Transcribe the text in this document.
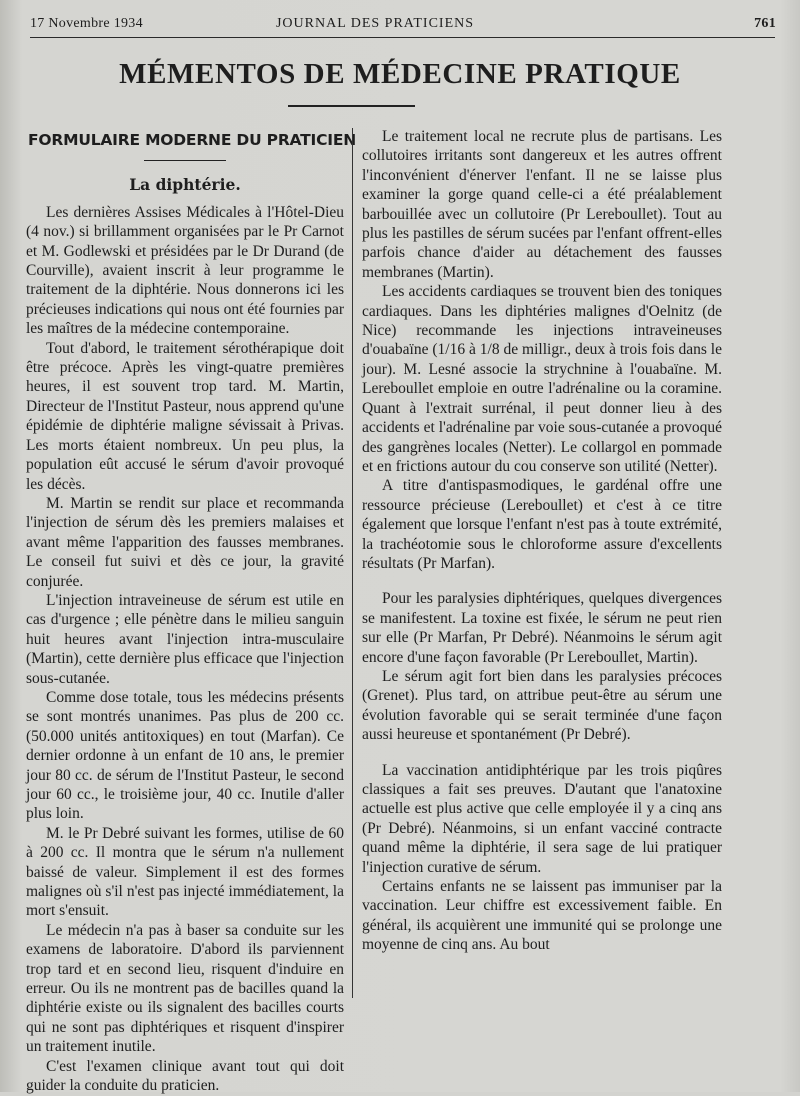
17 Novembre 1934	JOURNAL DES PRATICIENS	761
MÉMENTOS DE MÉDECINE PRATIQUE
FORMULAIRE MODERNE DU PRATICIEN
La diphtérie.

Les dernières Assises Médicales à l'Hôtel-Dieu (4 nov.) si brillamment organisées par le Pr Carnot et M. Godlewski et présidées par le Dr Durand (de Courville), avaient inscrit à leur programme le traitement de la diphtérie. Nous donnerons ici les précieuses indications qui nous ont été fournies par les maîtres de la médecine contemporaine.

Tout d'abord, le traitement sérothérapique doit être précoce. Après les vingt-quatre premières heures, il est souvent trop tard. M. Martin, Directeur de l'Institut Pasteur, nous apprend qu'une épidémie de diphtérie maligne sévissait à Privas. Les morts étaient nombreux. Un peu plus, la population eût accusé le sérum d'avoir provoqué les décès.

M. Martin se rendit sur place et recommanda l'injection de sérum dès les premiers malaises et avant même l'apparition des fausses membranes. Le conseil fut suivi et dès ce jour, la gravité conjurée.

L'injection intraveineuse de sérum est utile en cas d'urgence ; elle pénètre dans le milieu sanguin huit heures avant l'injection intra-musculaire (Martin), cette dernière plus efficace que l'injection sous-cutanée.

Comme dose totale, tous les médecins présents se sont montrés unanimes. Pas plus de 200 cc. (50.000 unités antitoxiques) en tout (Marfan). Ce dernier ordonne à un enfant de 10 ans, le premier jour 80 cc. de sérum de l'Institut Pasteur, le second jour 60 cc., le troisième jour, 40 cc. Inutile d'aller plus loin.

M. le Pr Debré suivant les formes, utilise de 60 à 200 cc. Il montra que le sérum n'a nullement baissé de valeur. Simplement il est des formes malignes où s'il n'est pas injecté immédiatement, la mort s'ensuit.

Le médecin n'a pas à baser sa conduite sur les examens de laboratoire. D'abord ils parviennent trop tard et en second lieu, risquent d'induire en erreur. Ou ils ne montrent pas de bacilles quand la diphtérie existe ou ils signalent des bacilles courts qui ne sont pas diphtériques et risquent d'inspirer un traitement inutile.

C'est l'examen clinique avant tout qui doit guider la conduite du praticien.

Le traitement local ne recrute plus de partisans. Les collutoires irritants sont dangereux et les autres offrent l'inconvénient d'énerver l'enfant. Il ne se laisse plus examiner la gorge quand celle-ci a été préalablement barbouillée avec un collutoire (Pr Lereboullet). Tout au plus les pastilles de sérum sucées par l'enfant offrent-elles parfois chance d'aider au détachement des fausses membranes (Martin).

Les accidents cardiaques se trouvent bien des toniques cardiaques. Dans les diphtéries malignes d'Oelnitz (de Nice) recommande les injections intraveineuses d'ouabaïne (1/16 à 1/8 de milligr., deux à trois fois dans le jour). M. Lesné associe la strychnine à l'ouabaïne. M. Lereboullet emploie en outre l'adrénaline ou la coramine. Quant à l'extrait surrénal, il peut donner lieu à des accidents et l'adrénaline par voie sous-cutanée a provoqué des gangrènes locales (Netter). Le collargol en pommade et en frictions autour du cou conserve son utilité (Netter).

A titre d'antispasmodiques, le gardénal offre une ressource précieuse (Lereboullet) et c'est à ce titre également que lorsque l'enfant n'est pas à toute extrémité, la trachéotomie sous le chloroforme assure d'excellents résultats (Pr Marfan).

Pour les paralysies diphtériques, quelques divergences se manifestent. La toxine est fixée, le sérum ne peut rien sur elle (Pr Marfan, Pr Debré). Néanmoins le sérum agit encore d'une façon favorable (Pr Lereboullet, Martin).

Le sérum agit fort bien dans les paralysies précoces (Grenet). Plus tard, on attribue peut-être au sérum une évolution favorable qui se serait terminée d'une façon aussi heureuse et spontanément (Pr Debré).

La vaccination antidiphtérique par les trois piqûres classiques a fait ses preuves. D'autant que l'anatoxine actuelle est plus active que celle employée il y a cinq ans (Pr Debré). Néanmoins, si un enfant vacciné contracte quand même la diphtérie, il sera sage de lui pratiquer l'injection curative de sérum.

Certains enfants ne se laissent pas immuniser par la vaccination. Leur chiffre est excessivement faible. En général, ils acquièrent une immunité qui se prolonge une moyenne de cinq ans. Au bout
